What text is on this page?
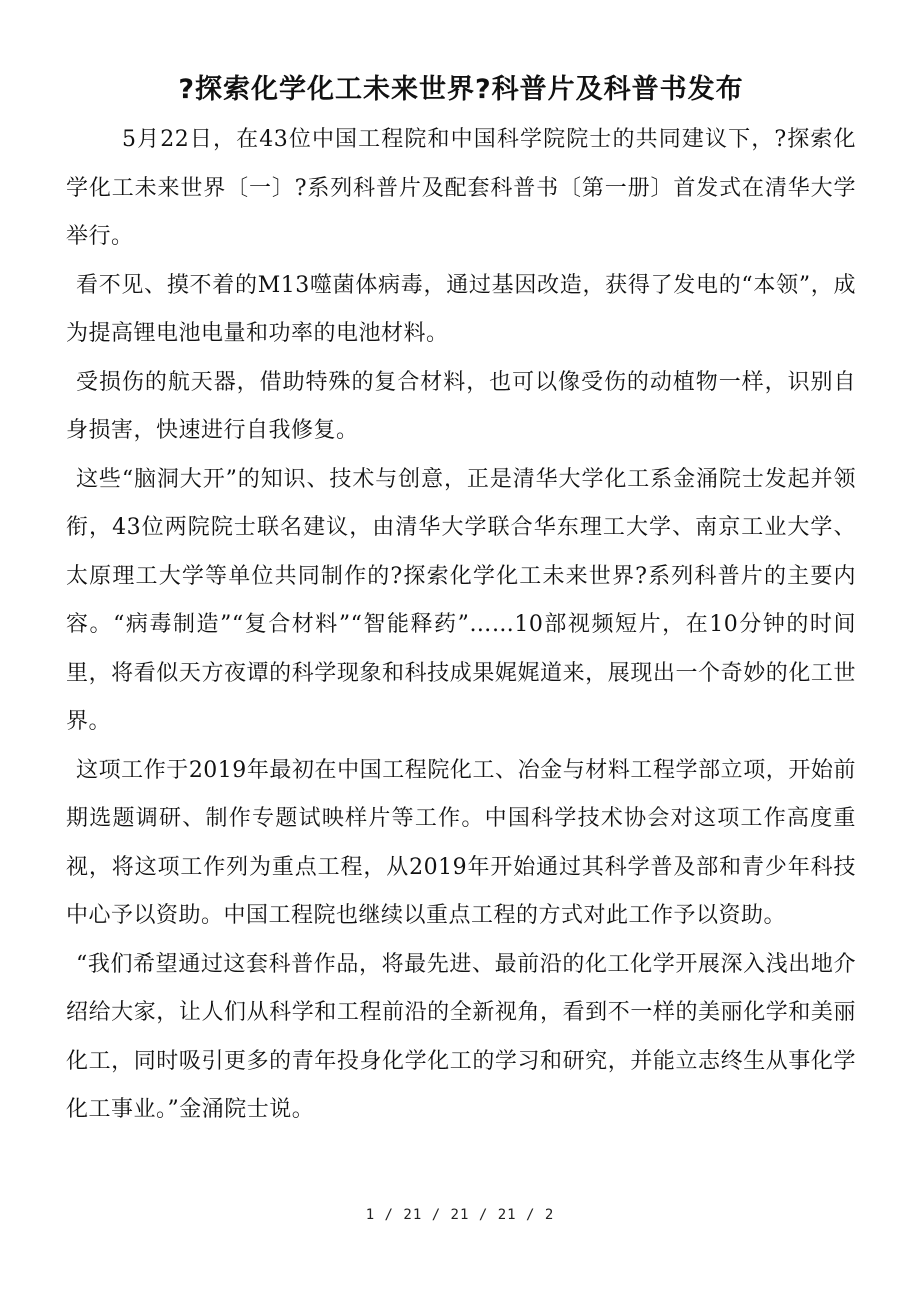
?探索化学化工未来世界?科普片及科普书发布

5月22日，在43位中国工程院和中国科学院院士的共同建议下，?探索化学化工未来世界〔一〕?系列科普片及配套科普书〔第一册〕首发式在清华大学举行。

看不见、摸不着的M13噬菌体病毒，通过基因改造，获得了发电的“本领”，成为提高锂电池电量和功率的电池材料。

受损伤的航天器，借助特殊的复合材料，也可以像受伤的动植物一样，识别自身损害，快速进行自我修复。

这些“脑洞大开”的知识、技术与创意，正是清华大学化工系金涌院士发起并领衔，43位两院院士联名建议，由清华大学联合华东理工大学、南京工业大学、太原理工大学等单位共同制作的?探索化学化工未来世界?系列科普片的主要内容。“病毒制造”“复合材料”“智能释药”……10部视频短片，在10分钟的时间里，将看似天方夜谭的科学现象和科技成果娓娓道来，展现出一个奇妙的化工世界。

这项工作于2019年最初在中国工程院化工、冶金与材料工程学部立项，开始前期选题调研、制作专题试映样片等工作。中国科学技术协会对这项工作高度重视，将这项工作列为重点工程，从2019年开始通过其科学普及部和青少年科技中心予以资助。中国工程院也继续以重点工程的方式对此工作予以资助。

“我们希望通过这套科普作品，将最先进、最前沿的化工化学开展深入浅出地介绍给大家，让人们从科学和工程前沿的全新视角，看到不一样的美丽化学和美丽化工，同时吸引更多的青年投身化学化工的学习和研究，并能立志终生从事化学化工事业。”金涌院士说。

1 / 21 / 21 / 21 / 2
